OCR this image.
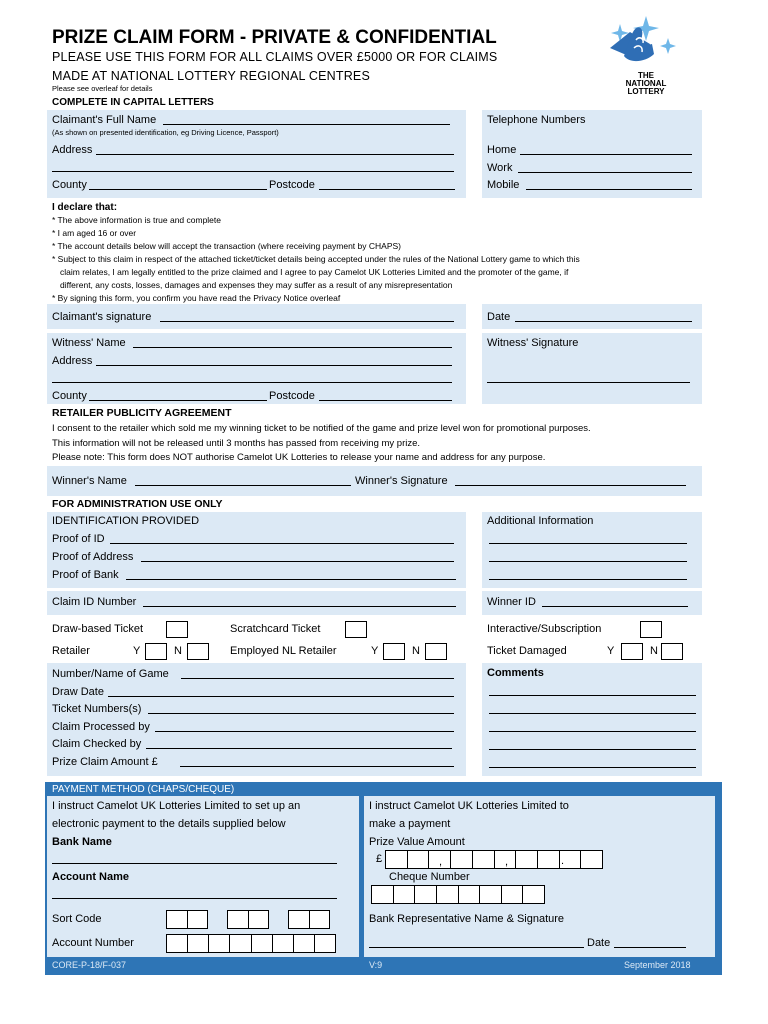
PRIZE CLAIM FORM - PRIVATE & CONFIDENTIAL
PLEASE USE THIS FORM FOR ALL CLAIMS OVER £5000 OR FOR CLAIMS
MADE AT NATIONAL LOTTERY REGIONAL CENTRES
Please see overleaf for details
COMPLETE IN CAPITAL LETTERS
THE
NATIONAL
LOTTERY
Claimant's Full Name
(As shown on presented identification, eg Driving Licence, Passport)
Address
County	Postcode
Telephone Numbers
Home
Work
Mobile
I declare that:
* The above information is true and complete
* I am aged 16 or over
* The account details below will accept the transaction (where receiving payment by CHAPS)
* Subject to this claim in respect of the attached ticket/ticket details being accepted under the rules of the National Lottery game to which this
claim relates, I am legally entitled to the prize claimed and I agree to pay Camelot UK Lotteries Limited and the promoter of the game, if
different, any costs, losses, damages and expenses they may suffer as a result of any misrepresentation
* By signing this form, you confirm you have read the Privacy Notice overleaf
Claimant's signature	Date
Witness' Name
Address
County	Postcode
Witness' Signature
RETAILER PUBLICITY AGREEMENT
I consent to the retailer which sold me my winning ticket to be notified of the game and prize level won for promotional purposes.
This information will not be released until 3 months has passed from receiving my prize.
Please note: This form does NOT authorise Camelot UK Lotteries to release your name and address for any purpose.
Winner's Name	Winner's Signature
FOR ADMINISTRATION USE ONLY
IDENTIFICATION PROVIDED
Proof of ID
Proof of Address
Proof of Bank
Additional Information
Claim ID Number	Winner ID
Draw-based Ticket	Scratchcard Ticket	Interactive/Subscription
Retailer	Y	N	Employed NL Retailer	Y	N	Ticket Damaged	Y	N
Number/Name of Game
Draw Date
Ticket Numbers(s)
Claim Processed by
Claim Checked by
Prize Claim Amount £
Comments
PAYMENT METHOD (CHAPS/CHEQUE)
I instruct Camelot UK Lotteries Limited to set up an
electronic payment to the details supplied below
Bank Name
Account Name
Sort Code
Account Number
I instruct Camelot UK Lotteries Limited to
make a payment
Prize Value Amount
£	,	,	.
Cheque Number
Bank Representative Name & Signature
Date
CORE-P-18/F-037	V:9	September 2018
